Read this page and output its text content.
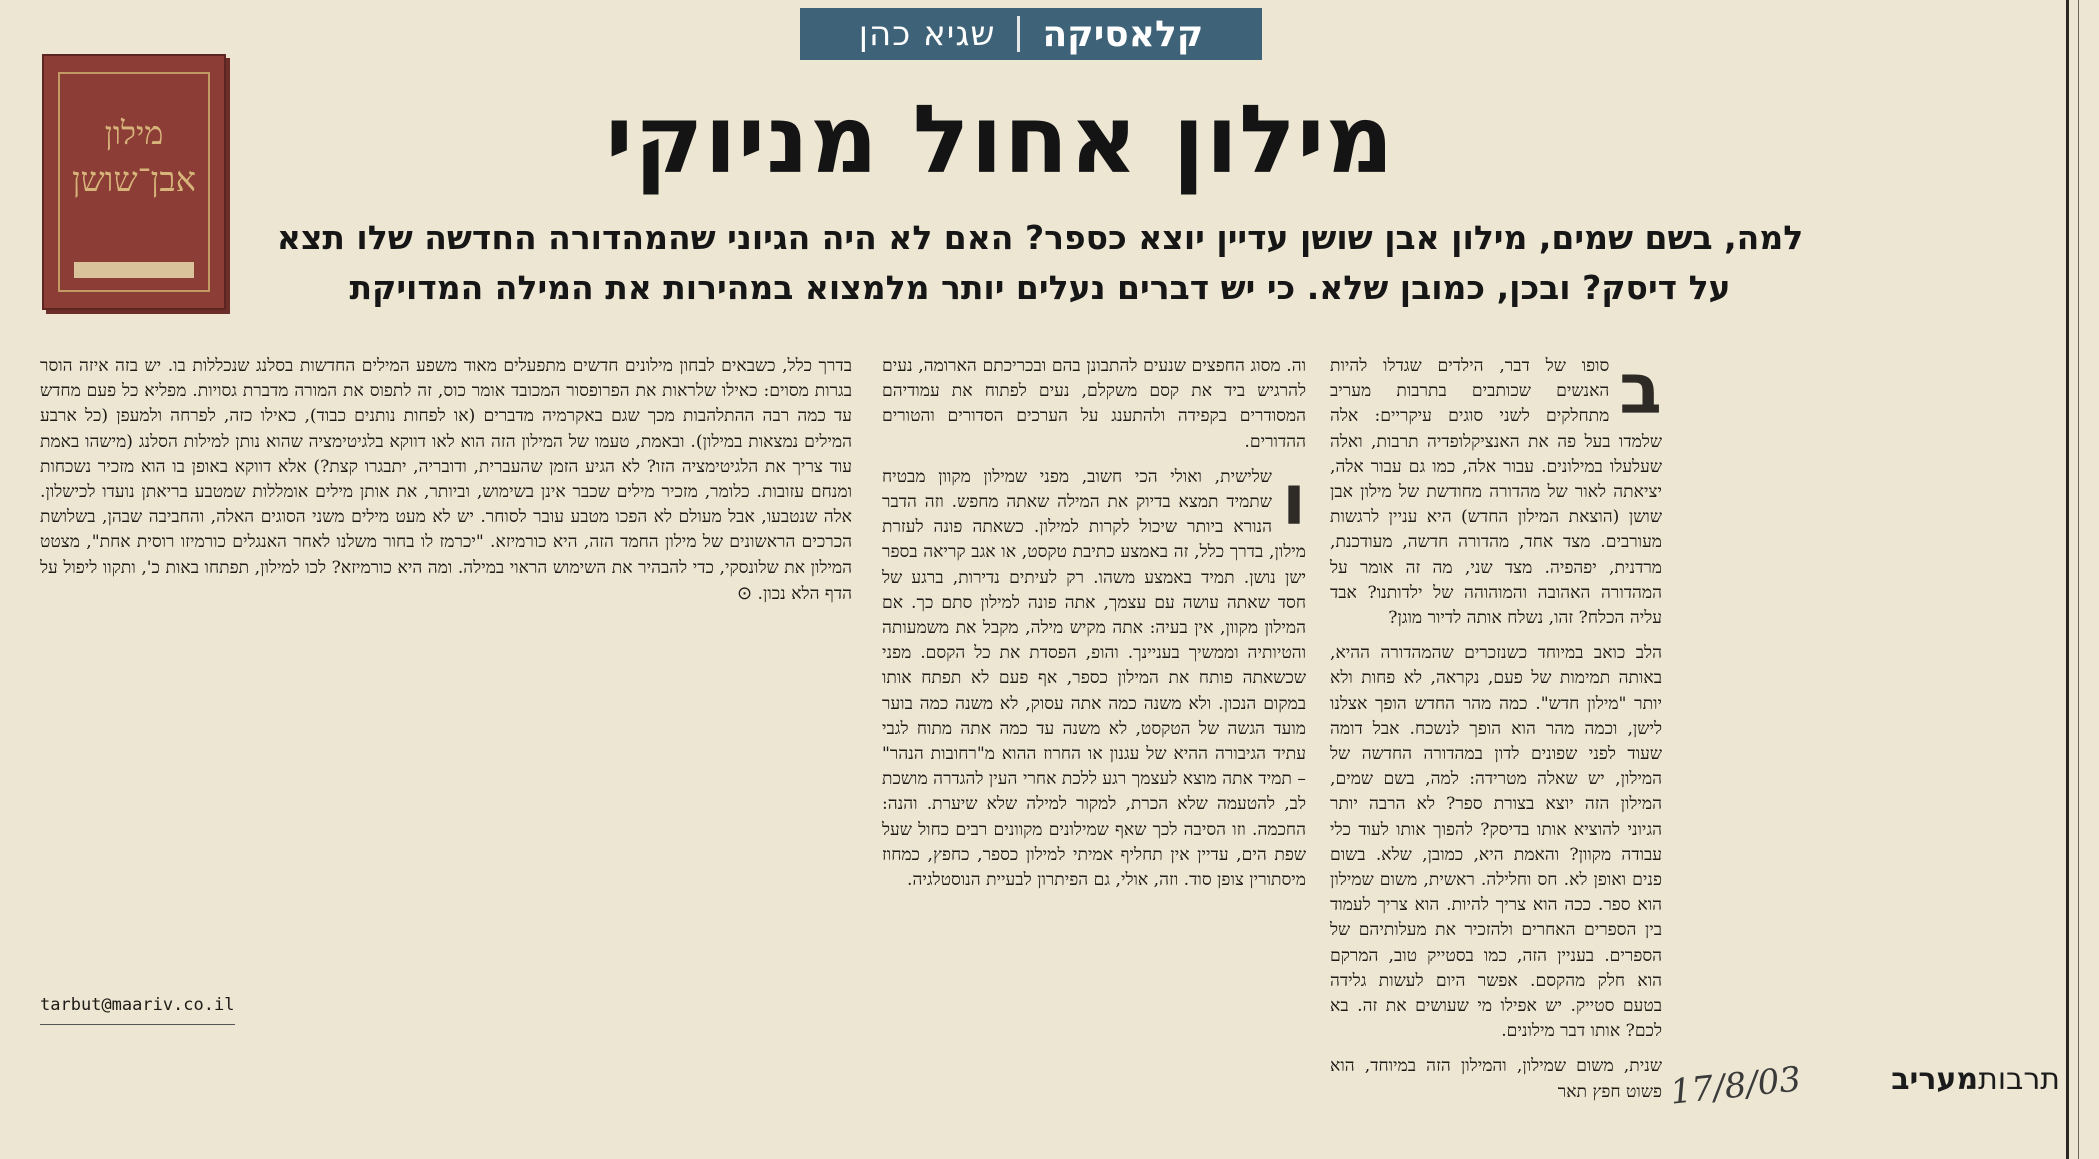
קלאסיקה
שגיא כהן
מילון
אבן־שושן	מילון אחול מניוקי
למה, בשם שמים, מילון אבן שושן עדיין יוצא כספר? האם לא היה הגיוני שהמהדורה החדשה שלו תצא על דיסק? ובכן, כמובן שלא. כי יש דברים נעלים יותר מלמצוא במהירות את המילה המדויקת
ב

סופו של דבר, הילדים שגדלו להיות האנשים שכותבים בתרבות מעריב מתחלקים לשני סוגים עיקריים: אלה שלמדו בעל פה את האנציקלופדיה תרבות, ואלה שעלעלו במילונים. עבור אלה, כמו גם עבור אלה, יציאתה לאור של מהדורה מחודשת של מילון אבן שושן (הוצאת המילון החדש) היא עניין לרגשות מעורבים. מצד אחד, מהדורה חדשה, מעודכנת, מרדנית, יפהפיה. מצד שני, מה זה אומר על המהדורה האהובה והמוהוהה של ילדותנו? אבד עליה הכלח? זהו, נשלח אותה לדיור מוגן?

הלב כואב במיוחד כשנזכרים שהמהדורה ההיא, באותה תמימות של פעם, נקראה, לא פחות ולא יותר "מילון חדש". כמה מהר החדש הופך אצלנו לישן, וכמה מהר הוא הופך לנשכח. אבל דומה שעוד לפני שפונים לדון במהדורה החדשה של המילון, יש שאלה מטרידה: למה, בשם שמים, המילון הזה יוצא בצורת ספר? לא הרבה יותר הגיוני להוציא אותו בדיסק? להפוך אותו לעוד כלי עבודה מקוון? והאמת היא, כמובן, שלא. בשום פנים ואופן לא. חס וחלילה. ראשית, משום שמילון הוא ספר. ככה הוא צריך להיות. הוא צריך לעמוד בין הספרים האחרים ולהזכיר את מעלותיהם של הספרים. בעניין הזה, כמו בסטייק טוב, המרקם הוא חלק מהקסם. אפשר היום לעשות גלידה בטעם סטייק. יש אפילו מי שעושים את זה. בא לכם? אותו דבר מילונים.

שנית, משום שמילון, והמילון הזה במיוחד, הוא פשוט חפץ תאר

וה. מסוג החפצים שנעים להתבונן בהם ובכריכתם הארומה, נעים להרגיש ביד את קסם משקלם, נעים לפתוח את עמודיהם המסודרים בקפידה ולהתענג על הערכים הסדורים והטורים ההדורים.

ו

שלישית, ואולי הכי חשוב, מפני שמילון מקוון מבטיח שתמיד תמצא בדיוק את המילה שאתה מחפש. וזה הדבר הנורא ביותר שיכול לקרות למילון. כשאתה פונה לעזרת מילון, בדרך כלל, זה באמצע כתיבת טקסט, או אגב קריאה בספר ישן נושן. תמיד באמצע משהו. רק לעיתים נדירות, ברגע של חסד שאתה עושה עם עצמך, אתה פונה למילון סתם כך. אם המילון מקוון, אין בעיה: אתה מקיש מילה, מקבל את משמעותה והטיותיה וממשיך בעניינך. והופ, הפסדת את כל הקסם. מפני שכשאתה פותח את המילון כספר, אף פעם לא תפתח אותו במקום הנכון. ולא משנה כמה אתה עסוק, לא משנה כמה בוער מועד הגשה של הטקסט, לא משנה עד כמה אתה מתוח לגבי עתיד הגיבורה ההיא של עגנון או החרוז ההוא מ"רחובות הנהר" – תמיד אתה מוצא לעצמך רגע ללכת אחרי העין להגדרה מושכת לב, להטעמה שלא הכרת, למקור למילה שלא שיערת. והנה: החכמה. וזו הסיבה לכך שאף שמילונים מקוונים רבים כחול שעל שפת הים, עדיין אין תחליף אמיתי למילון כספר, כחפץ, כמחוז מיסתורין צופן סוד. וזה, אולי, גם הפיתרון לבעיית הנוסטלגיה.

בדרך כלל, כשבאים לבחון מילונים חדשים מתפעלים מאוד משפע המילים החדשות בסלנג שנכללות בו. יש בזה איזה הוסר בגרות מסוים: כאילו שלראות את הפרופסור המכובד אומר כוס, זה לתפוס את המורה מדברת גסויות. מפליא כל פעם מחדש עד כמה רבה ההתלהבות מכך שגם באקרמיה מדברים (או לפחות נותנים כבוד), כאילו כזה, לפרחה ולמעפן (כל ארבע המילים נמצאות במילון). ובאמת, טעמו של המילון הזה הוא לאו דווקא בלגיטימציה שהוא נותן למילות הסלנג (מישהו באמת עוד צריך את הלגיטימציה הזו? לא הגיע הזמן שהעברית, ודובריה, יתבגרו קצת?) אלא דווקא באופן בו הוא מזכיר נשכחות ומנחם עזובות. כלומר, מזכיר מילים שכבר אינן בשימוש, וביותר, את אותן מילים אומללות שמטבע בריאתן נועדו לכישלון. אלה שנטבעו, אבל מעולם לא הפכו מטבע עובר לסוחר. יש לא מעט מילים משני הסוגים האלה, והחביבה שבהן, בשלושת הכרכים הראשונים של מילון החמד הזה, היא כורמיזא. "יכרמז לו בחור משלנו לאחר האנגלים כורמיזו רוסית אחת", מצטט המילון את שלונסקי, כדי להבהיר את השימוש הראוי במילה. ומה היא כורמיזא? לכו למילון, תפתחו באות כ', ותקוו ליפול על הדף הלא נכון. ⊙

tarbut@maariv.co.il
תרבותמעריב
17/8/03
